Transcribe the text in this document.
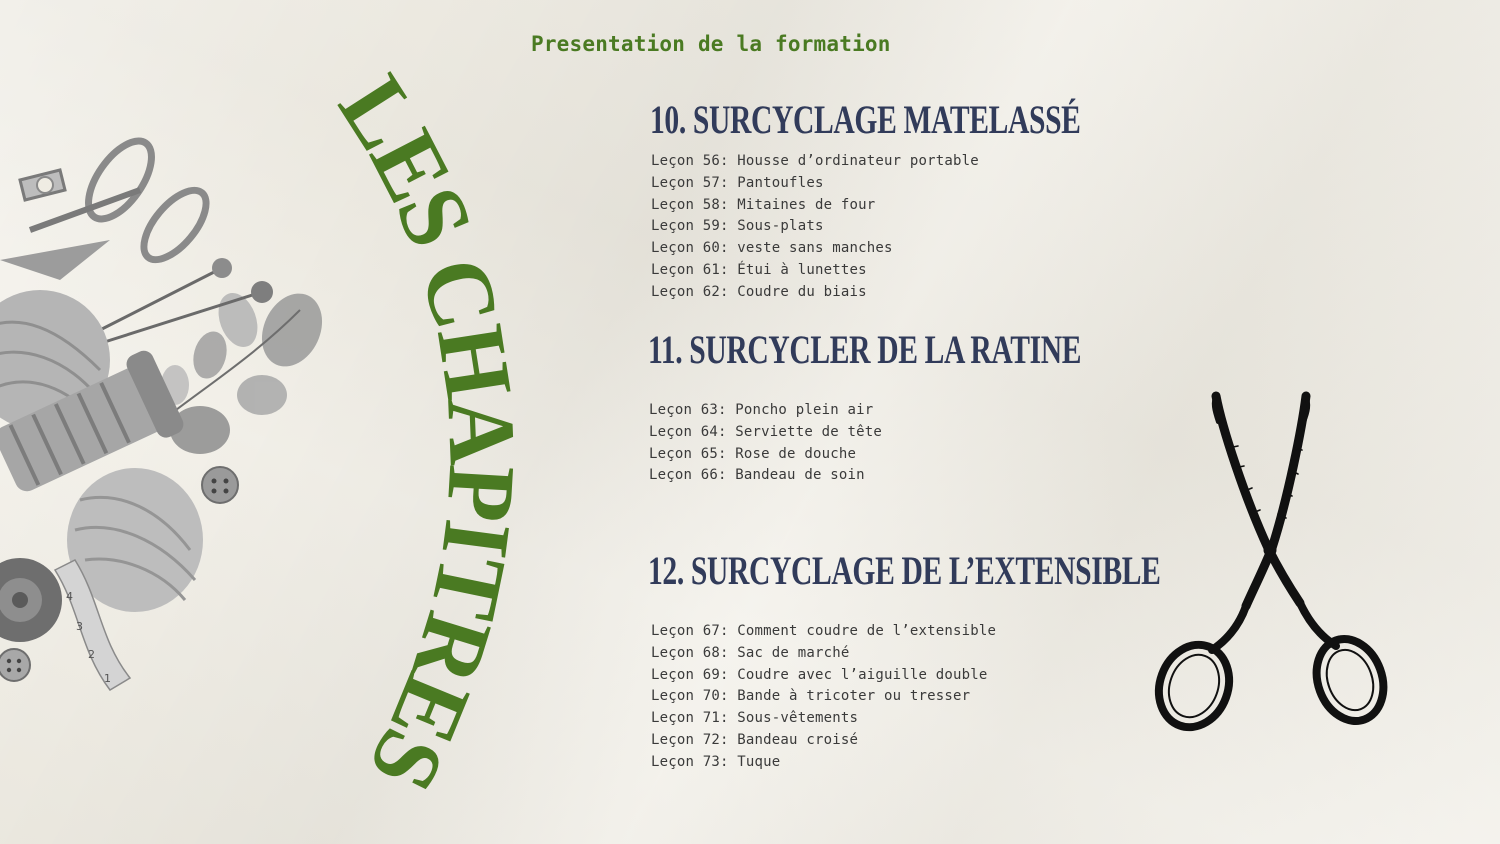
4
3
2
1
LES CHAPITRES
Presentation de la formation
10. SURCYCLAGE MATELASSÉ
Leçon 56: Housse d’ordinateur portable
Leçon 57: Pantoufles
Leçon 58: Mitaines de four
Leçon 59: Sous-plats
Leçon 60: veste sans manches
Leçon 61: Étui à lunettes
Leçon 62: Coudre du biais
11. SURCYCLER DE LA RATINE
Leçon 63: Poncho plein air
Leçon 64: Serviette de tête
Leçon 65: Rose de douche
Leçon 66: Bandeau de soin
12. SURCYCLAGE DE L’EXTENSIBLE
Leçon 67: Comment coudre de l’extensible
Leçon 68: Sac de marché
Leçon 69: Coudre avec l’aiguille double
Leçon 70: Bande à tricoter ou tresser
Leçon 71: Sous-vêtements
Leçon 72: Bandeau croisé
Leçon 73: Tuque
